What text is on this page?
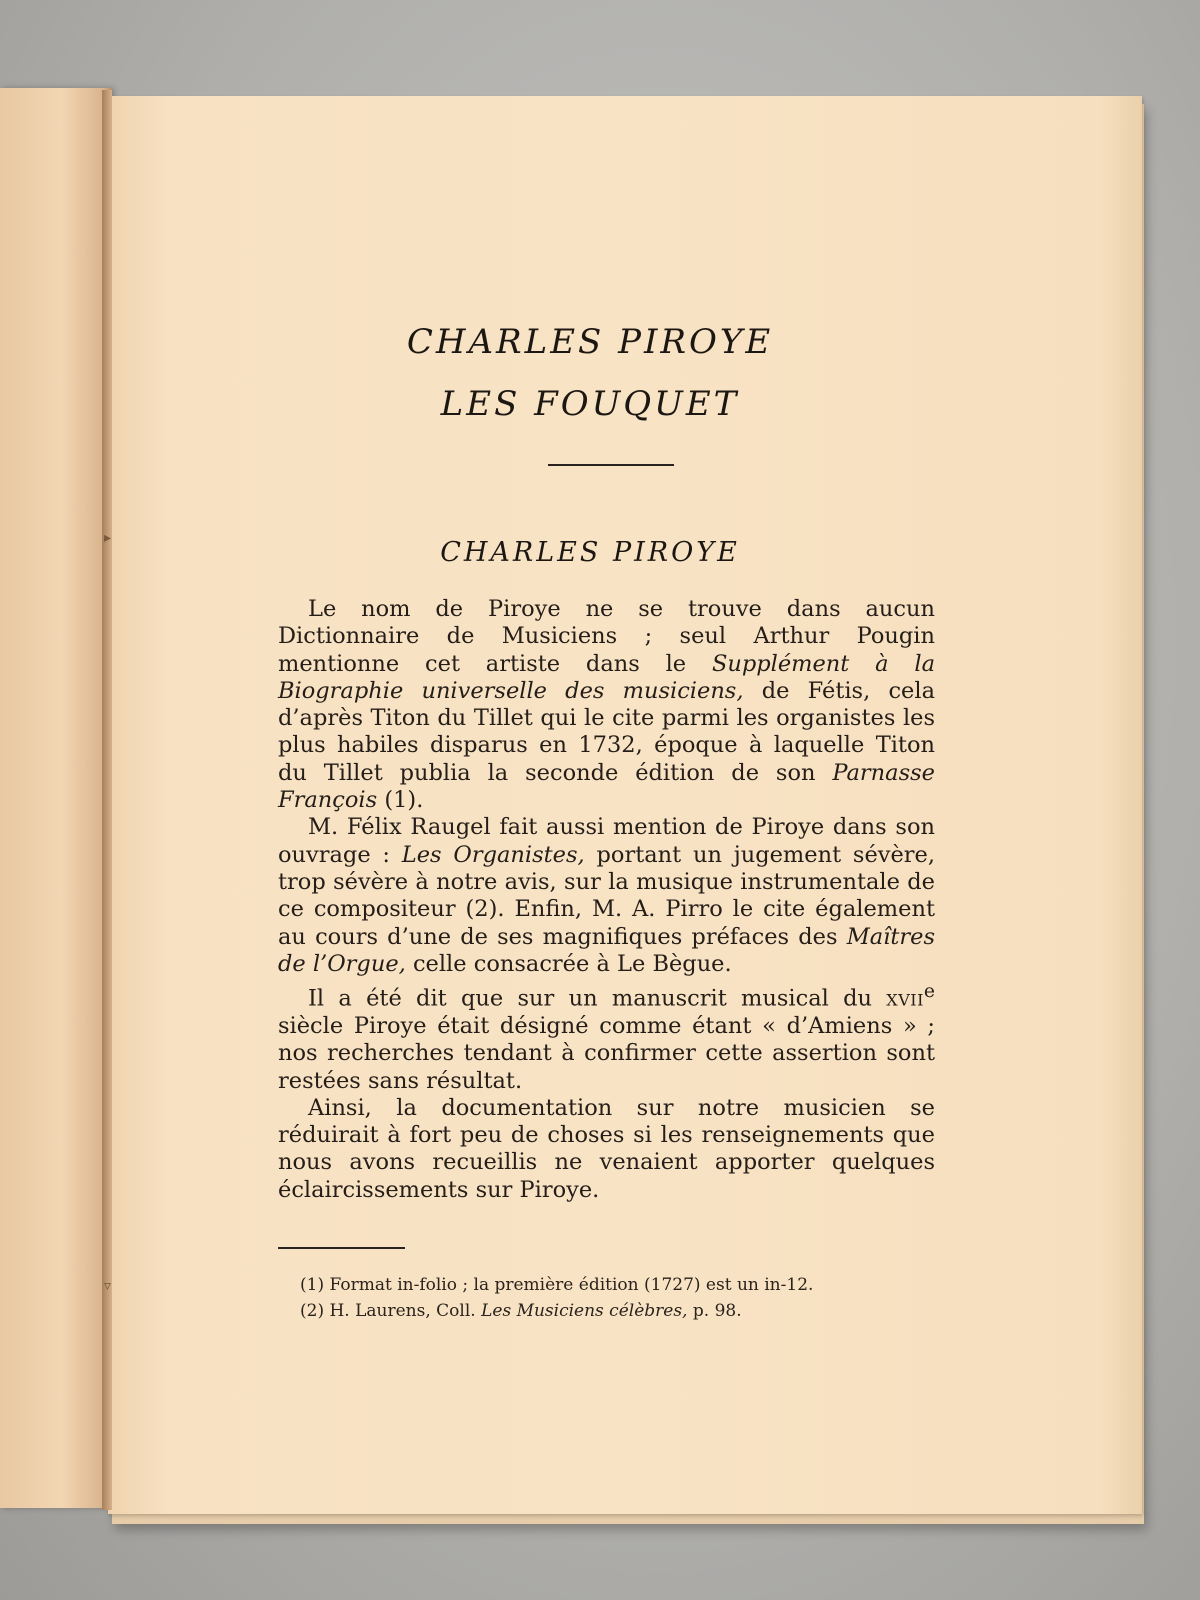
▸
▿
CHARLES PIROYE
LES FOUQUET
CHARLES PIROYE

Le nom de Piroye ne se trouve dans aucun Dictionnaire de Musiciens ; seul Arthur Pougin mentionne cet artiste dans le Supplément à la Biographie universelle des musiciens, de Fétis, cela d’après Titon du Tillet qui le cite parmi les organistes les plus habiles disparus en 1732, époque à laquelle Titon du Tillet publia la seconde édition de son Parnasse François (1).

M. Félix Raugel fait aussi mention de Piroye dans son ouvrage : Les Organistes, portant un jugement sévère, trop sévère à notre avis, sur la musique instrumentale de ce compositeur (2). Enfin, M. A. Pirro le cite également au cours d’une de ses magnifiques préfaces des Maîtres de l’Orgue, celle consacrée à Le Bègue.

Il a été dit que sur un manuscrit musical du xvii$^e$ siècle Piroye était désigné comme étant « d’Amiens » ; nos recherches tendant à confirmer cette assertion sont restées sans résultat.

Ainsi, la documentation sur notre musicien se réduirait à fort peu de choses si les renseignements que nous avons recueillis ne venaient apporter quelques éclaircissements sur Piroye.

(1) Format in-folio ; la première édition (1727) est un in-12.
(2) H. Laurens, Coll. Les Musiciens célèbres, p. 98.
